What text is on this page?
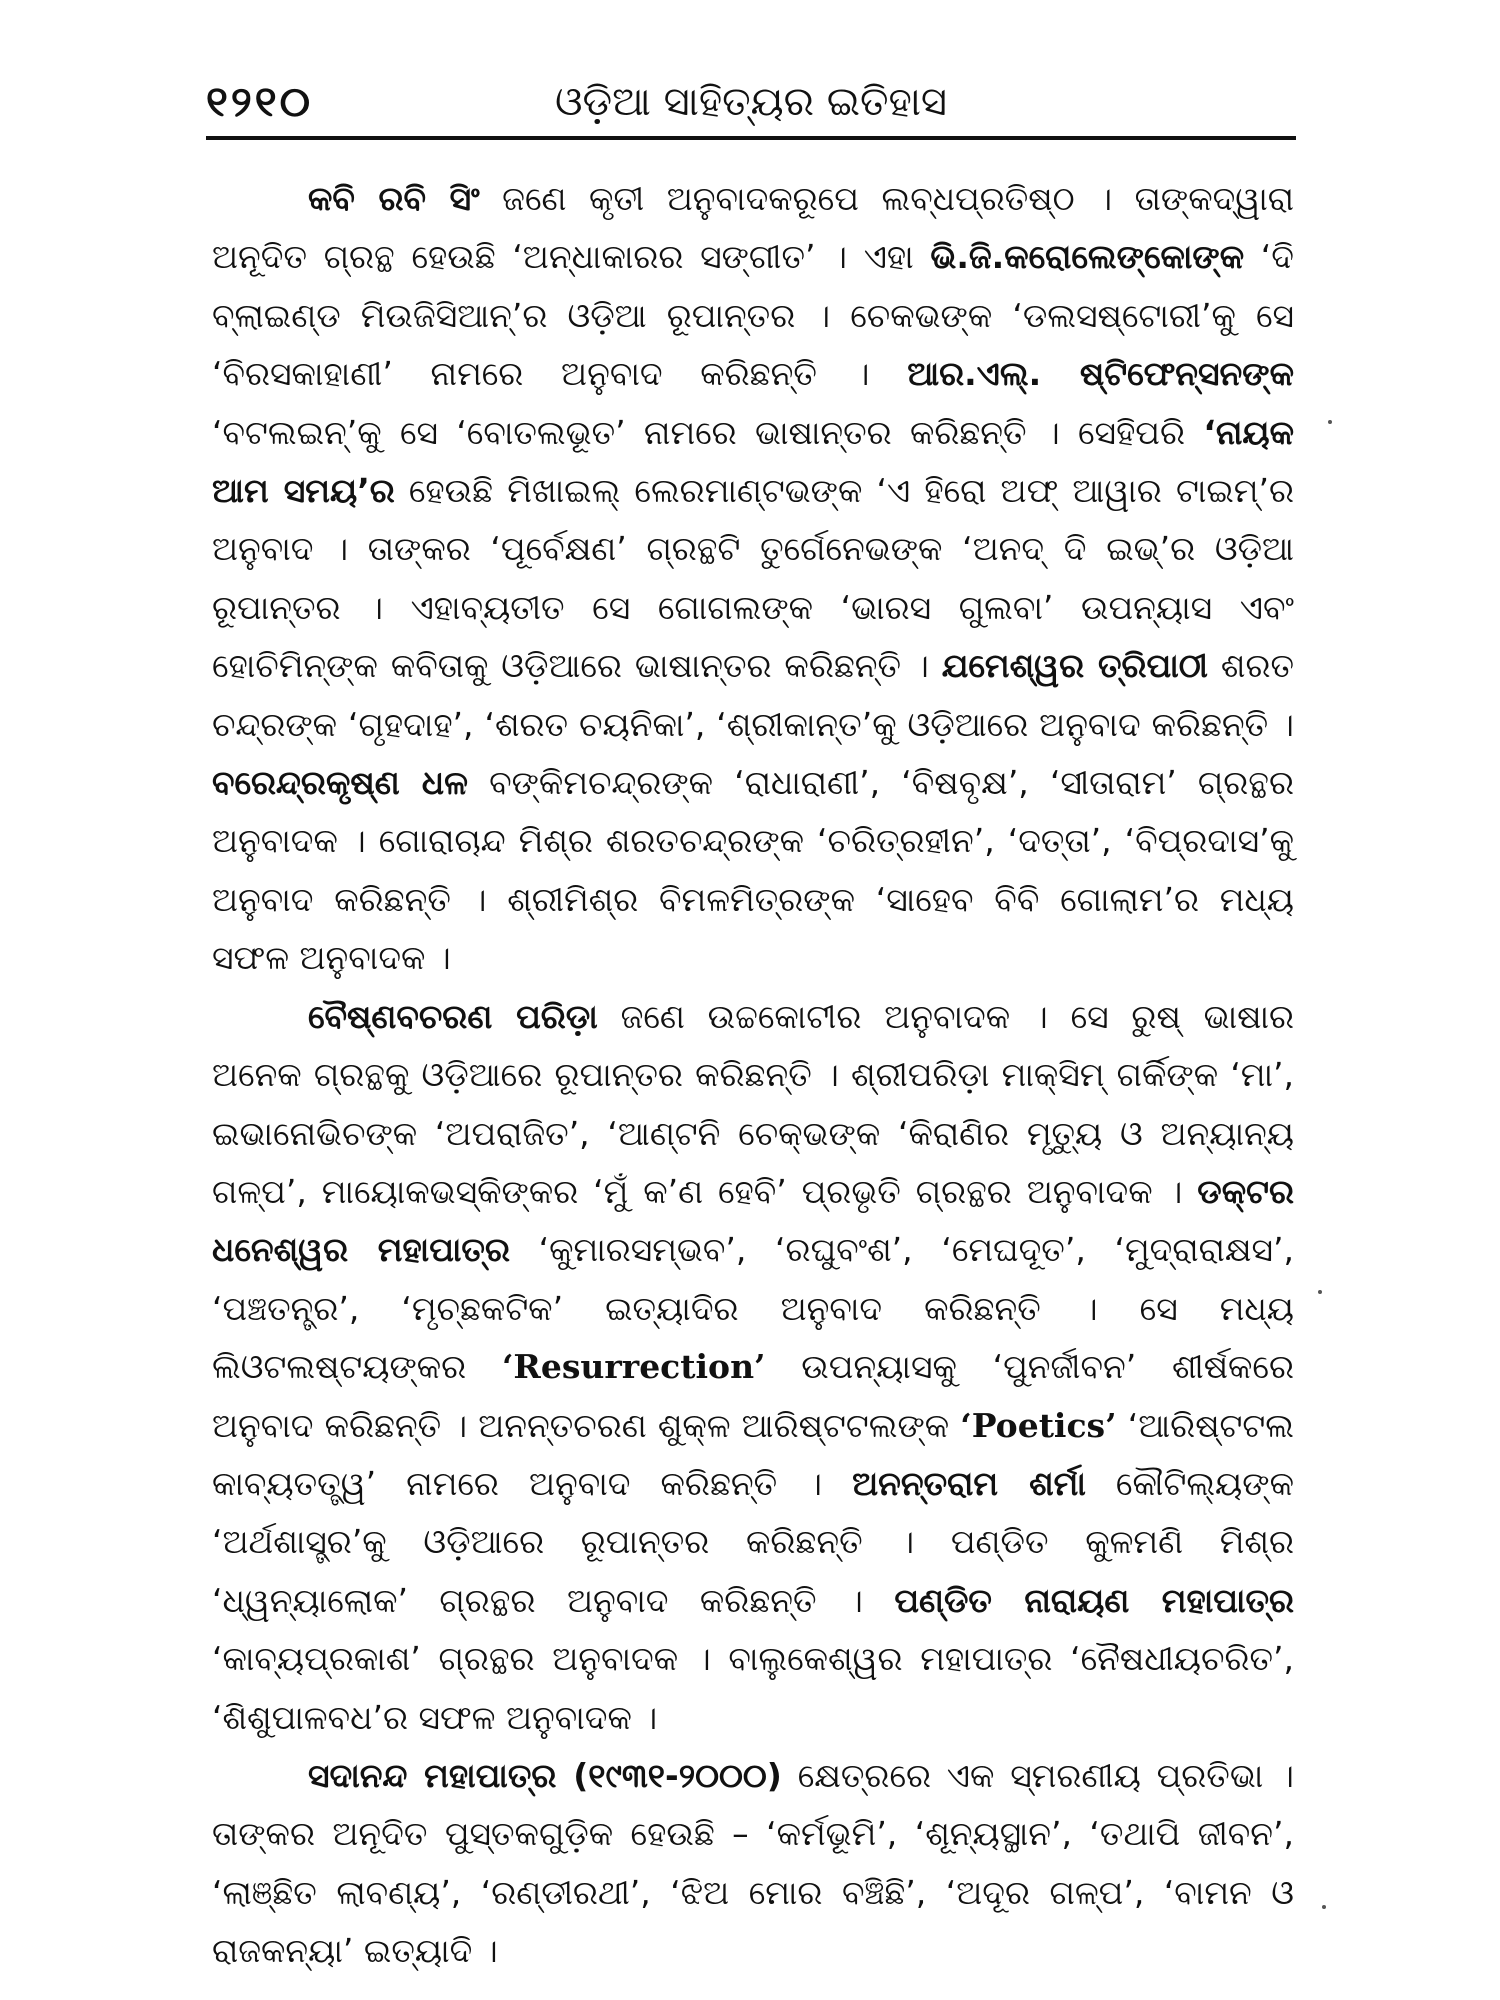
୧୨୧୦	ଓଡ଼ିଆ ସାହିତ୍ୟର ଇତିହାସ

କବି ରବି ସିଂ ଜଣେ କୃତୀ ଅନୁବାଦକରୂପେ ଲବ୍ଧପ୍ରତିଷ୍ଠ । ତାଙ୍କଦ୍ୱାରା ଅନୂଦିତ ଗ୍ରନ୍ଥ ହେଉଛି ‘ଅନ୍ଧାକାରର ସଙ୍ଗୀତ’ । ଏହା ଭି.ଜି.କରୋଲେଙ୍କୋଙ୍କ ‘ଦି ବ୍ଲାଇଣ୍ଡ ମିଉଜିସିଆନ୍’ର ଓଡ଼ିଆ ରୂପାନ୍ତର । ଚେକଭଙ୍କ ‘ଡଲସଷ୍ଟୋରୀ’କୁ ସେ ‘ବିରସକାହାଣୀ’ ନାମରେ ଅନୁବାଦ କରିଛନ୍ତି । ଆର.ଏଲ୍. ଷ୍ଟିଫେନ୍‌ସନଙ୍କ ‘ବଟଲଇନ୍’କୁ ସେ ‘ବୋତଲଭୂତ’ ନାମରେ ଭାଷାନ୍ତର କରିଛନ୍ତି । ସେହିପରି ‘ନାୟକ ଆମ ସମୟ’ର ହେଉଛି ମିଖାଇଲ୍ ଲେରମାଣ୍ଟଭଙ୍କ ‘ଏ ହିରୋ ଅଫ୍ ଆୱାର ଟାଇମ୍’ର ଅନୁବାଦ । ତାଙ୍କର ‘ପୂର୍ବେକ୍ଷଣ’ ଗ୍ରନ୍ଥଟି ତୁର୍ଗେନେଭଙ୍କ ‘ଅନଦ୍ ଦି ଇଭ୍’ର ଓଡ଼ିଆ ରୂପାନ୍ତର । ଏହାବ୍ୟତୀତ ସେ ଗୋଗଲଙ୍କ ‘ଭାରସ ଗୁଲବା’ ଉପନ୍ୟାସ ଏବଂ ହୋଚିମିନ୍‌ଙ୍କ କବିତାକୁ ଓଡ଼ିଆରେ ଭାଷାନ୍ତର କରିଛନ୍ତି । ଯମେଶ୍ୱର ତ୍ରିପାଠୀ ଶରତ ଚନ୍ଦ୍ରଙ୍କ ‘ଗୃହଦାହ’, ‘ଶରତ ଚୟନିକା’, ‘ଶ୍ରୀକାନ୍ତ’କୁ ଓଡ଼ିଆରେ ଅନୁବାଦ କରିଛନ୍ତି । ବରେନ୍ଦ୍ରକୃଷ୍ଣ ଧଳ ବଙ୍କିମଚନ୍ଦ୍ରଙ୍କ ‘ରାଧାରାଣୀ’, ‘ବିଷବୃକ୍ଷ’, ‘ସୀତାରାମ’ ଗ୍ରନ୍ଥର ଅନୁବାଦକ । ଗୋରାଚାନ୍ଦ ମିଶ୍ର ଶରତଚନ୍ଦ୍ରଙ୍କ ‘ଚରିତ୍ରହୀନ’, ‘ଦତ୍ତା’, ‘ବିପ୍ରଦାସ’କୁ ଅନୁବାଦ କରିଛନ୍ତି । ଶ୍ରୀମିଶ୍ର ବିମଳମିତ୍ରଙ୍କ ‘ସାହେବ ବିବି ଗୋଲାମ’ର ମଧ୍ୟ ସଫଳ ଅନୁବାଦକ ।

ବୈଷ୍ଣବଚରଣ ପରିଡ଼ା ଜଣେ ଉଚ୍ଚକୋଟୀର ଅନୁବାଦକ । ସେ ରୁଷ୍ ଭାଷାର ଅନେକ ଗ୍ରନ୍ଥକୁ ଓଡ଼ିଆରେ ରୂପାନ୍ତର କରିଛନ୍ତି । ଶ୍ରୀପରିଡ଼ା ମାକ୍ସିମ୍ ଗର୍କିଙ୍କ ‘ମା’, ଇଭାନୋଭିଚଙ୍କ ‘ଅପରାଜିତ’, ‘ଆଣ୍ଟନି ଚେକ୍‌ଭଙ୍କ ‘କିରାଣିର ମୃତ୍ୟୁ ଓ ଅନ୍ୟାନ୍ୟ ଗଳ୍ପ’, ମାୟୋକଭସ୍କିଙ୍କର ‘ମୁଁ କ’ଣ ହେବି’ ପ୍ରଭୃତି ଗ୍ରନ୍ଥର ଅନୁବାଦକ । ଡକ୍ଟର ଧନେଶ୍ୱର ମହାପାତ୍ର ‘କୁମାରସମ୍ଭବ’, ‘ରଘୁବଂଶ’, ‘ମେଘଦୂତ’, ‘ମୁଦ୍ରାରାକ୍ଷସ’, ‘ପଞ୍ଚତନ୍ତ୍ର’, ‘ମୃଚ୍ଛକଟିକ’ ଇତ୍ୟାଦିର ଅନୁବାଦ କରିଛନ୍ତି । ସେ ମଧ୍ୟ ଲିଓଟଲଷ୍ଟୟଙ୍କର ‘Resurrection’ ଉପନ୍ୟାସକୁ ‘ପୁନର୍ଜୀବନ’ ଶୀର୍ଷକରେ ଅନୁବାଦ କରିଛନ୍ତି । ଅନନ୍ତଚରଣ ଶୁକ୍ଳ ଆରିଷ୍ଟଟଲଙ୍କ ‘Poetics’ ‘ଆରିଷ୍ଟଟଲ କାବ୍ୟତତ୍ତ୍ୱ’ ନାମରେ ଅନୁବାଦ କରିଛନ୍ତି । ଅନନ୍ତରାମ ଶର୍ମା କୌଟିଲ୍ୟଙ୍କ ‘ଅର୍ଥଶାସ୍ତ୍ର’କୁ ଓଡ଼ିଆରେ ରୂପାନ୍ତର କରିଛନ୍ତି । ପଣ୍ଡିତ କୁଳମଣି ମିଶ୍ର ‘ଧ୍ୱନ୍ୟାଲୋକ’ ଗ୍ରନ୍ଥର ଅନୁବାଦ କରିଛନ୍ତି । ପଣ୍ଡିତ ନାରାୟଣ ମହାପାତ୍ର ‘କାବ୍ୟପ୍ରକାଶ’ ଗ୍ରନ୍ଥର ଅନୁବାଦକ । ବାଲୁକେଶ୍ୱର ମହାପାତ୍ର ‘ନୈଷଧୀୟଚରିତ’, ‘ଶିଶୁପାଳବଧ’ର ସଫଳ ଅନୁବାଦକ ।

ସଦାନନ୍ଦ ମହାପାତ୍ର (୧୯୩୧-୨୦୦୦) କ୍ଷେତ୍ରରେ ଏକ ସ୍ମରଣୀୟ ପ୍ରତିଭା । ତାଙ୍କର ଅନୂଦିତ ପୁସ୍ତକଗୁଡ଼ିକ ହେଉଛି – ‘କର୍ମଭୂମି’, ‘ଶୂନ୍ୟସ୍ଥାନ’, ‘ତଥାପି ଜୀବନ’, ‘ଲାଞ୍ଛିତ ଲାବଣ୍ୟ’, ‘ରଣ୍ଡୀରଥୀ’, ‘ଝିଅ ମୋର ବଞ୍ଚିଛି’, ‘ଅଦୂର ଗଳ୍ପ’, ‘ବାମନ ଓ ରାଜକନ୍ୟା’ ଇତ୍ୟାଦି ।
